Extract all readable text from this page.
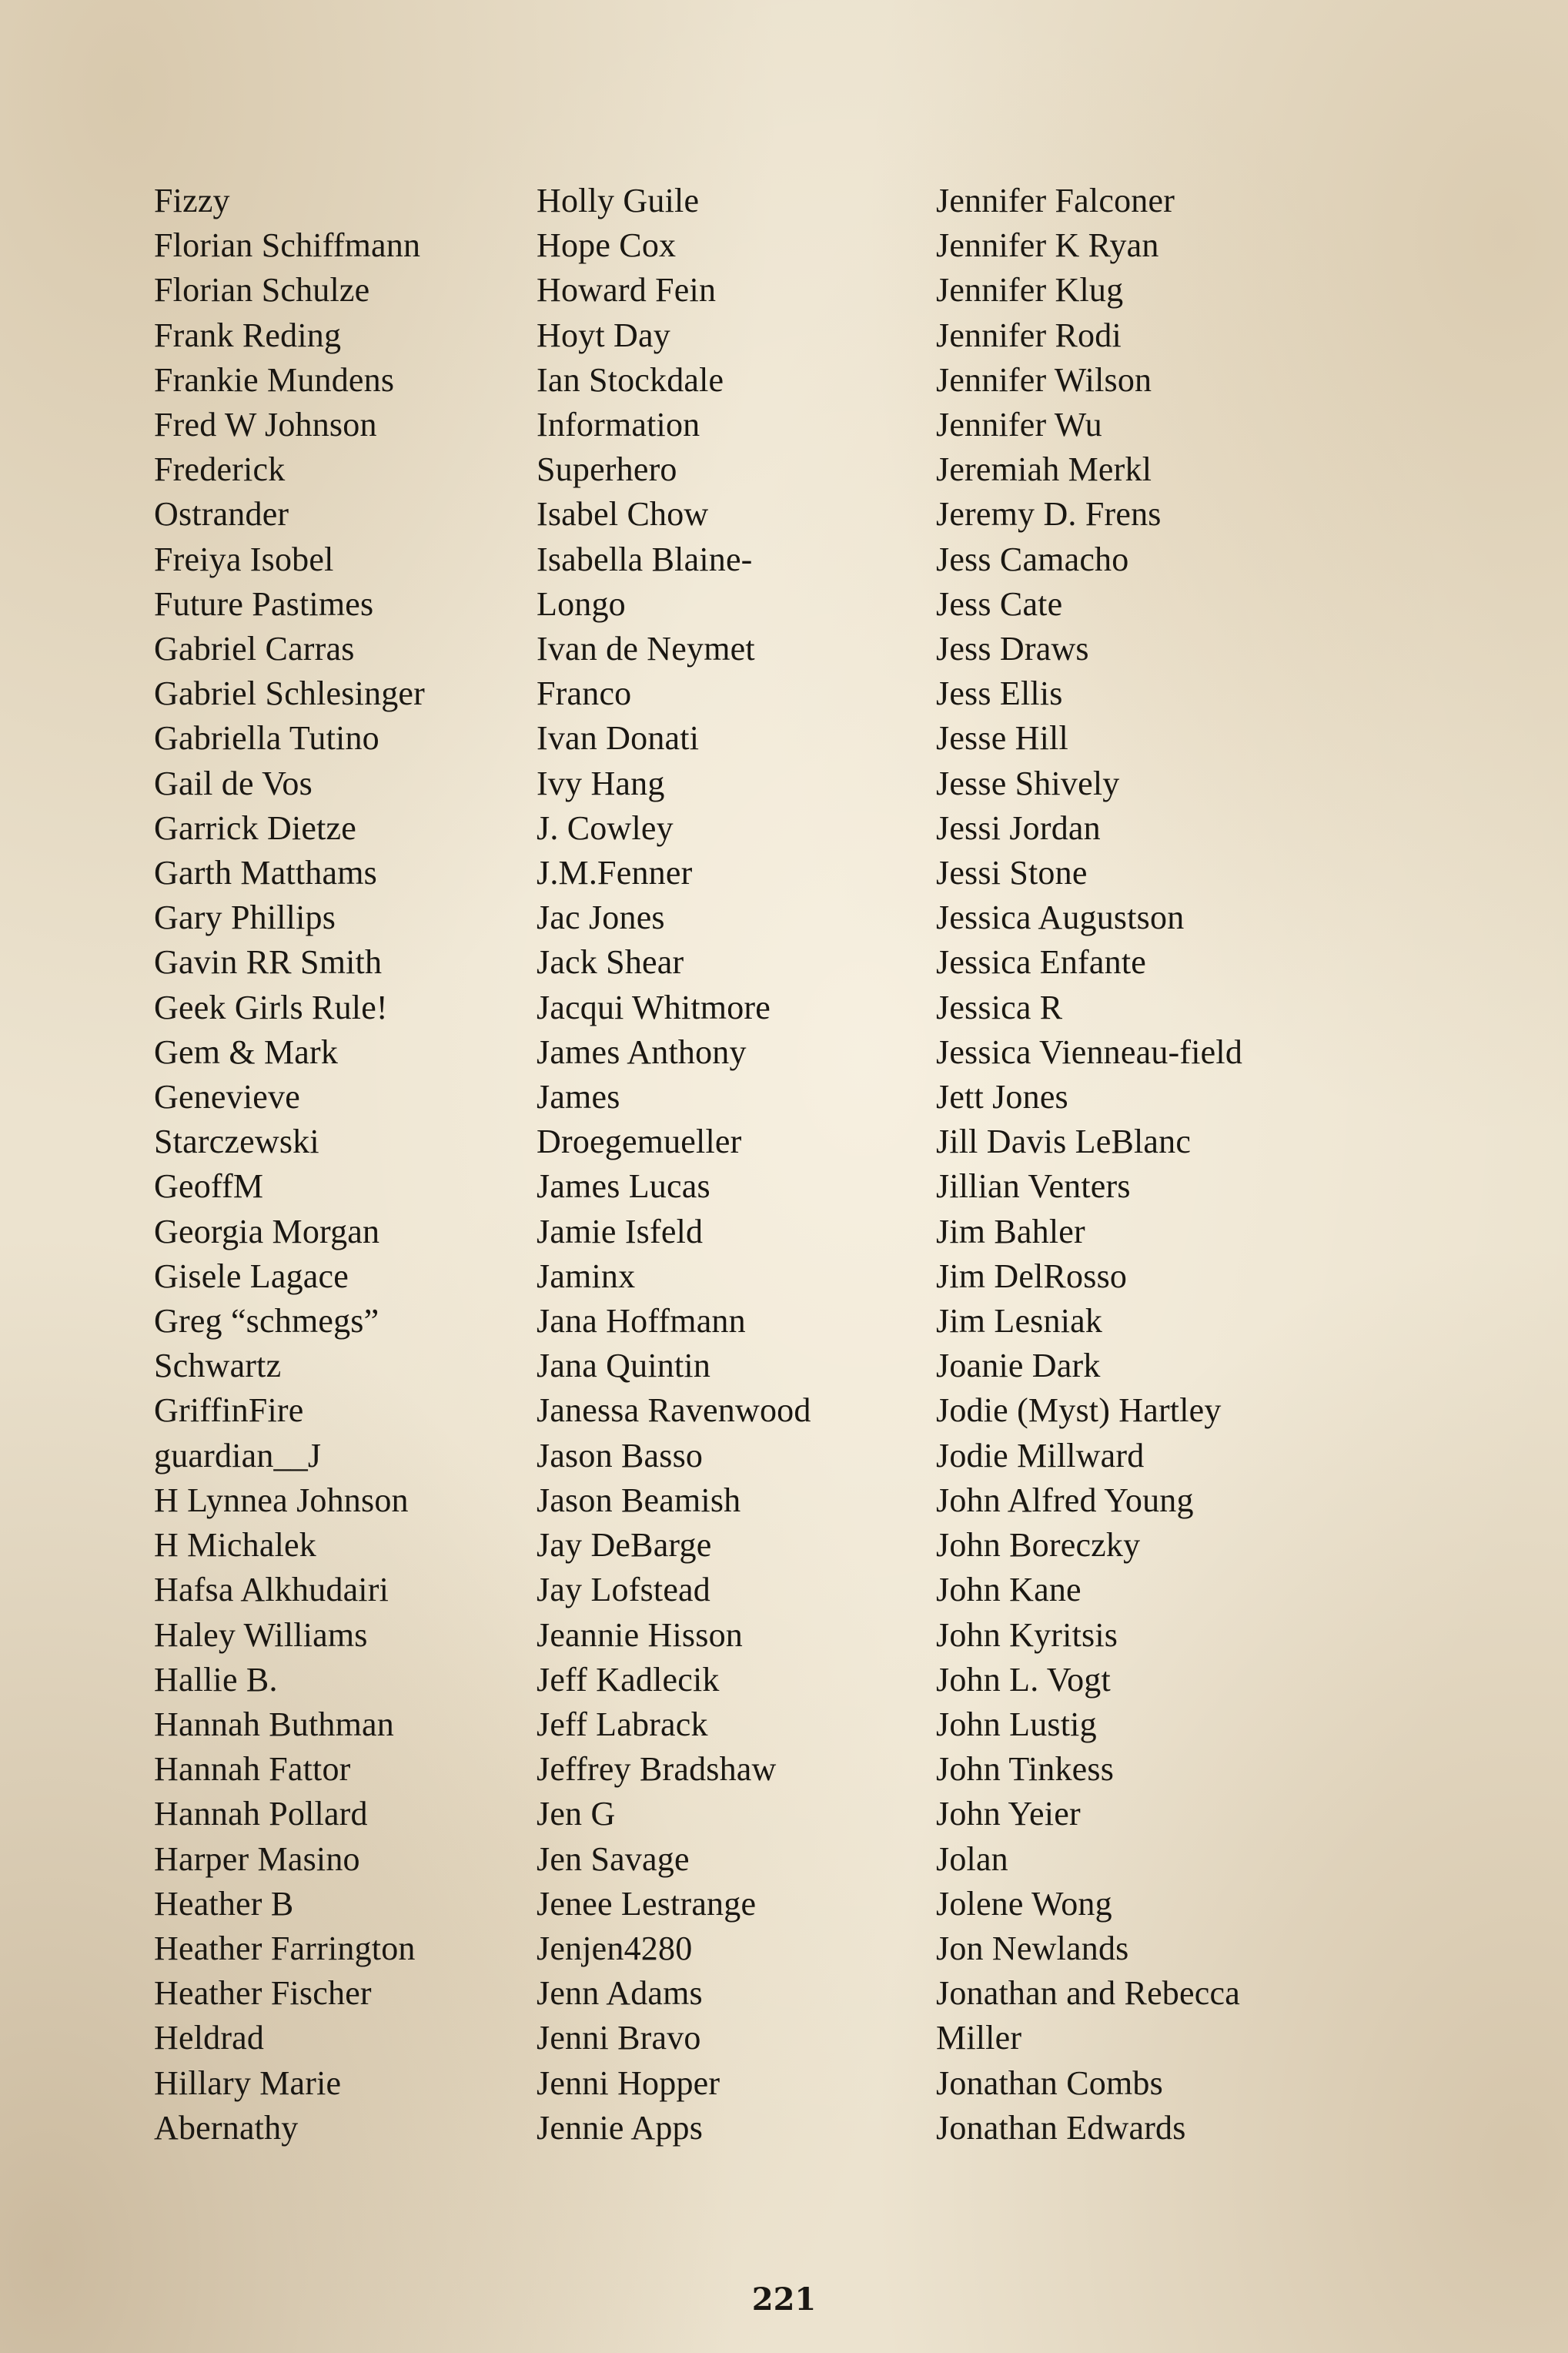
Fizzy
Florian Schiffmann
Florian Schulze
Frank Reding
Frankie Mundens
Fred W Johnson
Frederick
Ostrander
Freiya Isobel
Future Pastimes
Gabriel Carras
Gabriel Schlesinger
Gabriella Tutino
Gail de Vos
Garrick Dietze
Garth Matthams
Gary Phillips
Gavin RR Smith
Geek Girls Rule!
Gem & Mark
Genevieve
Starczewski
GeoffM
Georgia Morgan
Gisele Lagace
Greg “schmegs”
Schwartz
GriffinFire
guardian__J
H Lynnea Johnson
H Michalek
Hafsa Alkhudairi
Haley Williams
Hallie B.
Hannah Buthman
Hannah Fattor
Hannah Pollard
Harper Masino
Heather B
Heather Farrington
Heather Fischer
Heldrad
Hillary Marie
Abernathy
Holly Guile
Hope Cox
Howard Fein
Hoyt Day
Ian Stockdale
Information
Superhero
Isabel Chow
Isabella Blaine-
Longo
Ivan de Neymet
Franco
Ivan Donati
Ivy Hang
J. Cowley
J.M.Fenner
Jac Jones
Jack Shear
Jacqui Whitmore
James Anthony
James
Droegemueller
James Lucas
Jamie Isfeld
Jaminx
Jana Hoffmann
Jana Quintin
Janessa Ravenwood
Jason Basso
Jason Beamish
Jay DeBarge
Jay Lofstead
Jeannie Hisson
Jeff Kadlecik
Jeff Labrack
Jeffrey Bradshaw
Jen G
Jen Savage
Jenee Lestrange
Jenjen4280
Jenn Adams
Jenni Bravo
Jenni Hopper
Jennie Apps
Jennifer Falconer
Jennifer K Ryan
Jennifer Klug
Jennifer Rodi
Jennifer Wilson
Jennifer Wu
Jeremiah Merkl
Jeremy D. Frens
Jess Camacho
Jess Cate
Jess Draws
Jess Ellis
Jesse Hill
Jesse Shively
Jessi Jordan
Jessi Stone
Jessica Augustson
Jessica Enfante
Jessica R
Jessica Vienneau-field
Jett Jones
Jill Davis LeBlanc
Jillian Venters
Jim Bahler
Jim DelRosso
Jim Lesniak
Joanie Dark
Jodie (Myst) Hartley
Jodie Millward
John Alfred Young
John Boreczky
John Kane
John Kyritsis
John L. Vogt
John Lustig
John Tinkess
John Yeier
Jolan
Jolene Wong
Jon Newlands
Jonathan and Rebecca
Miller
Jonathan Combs
Jonathan Edwards
221
